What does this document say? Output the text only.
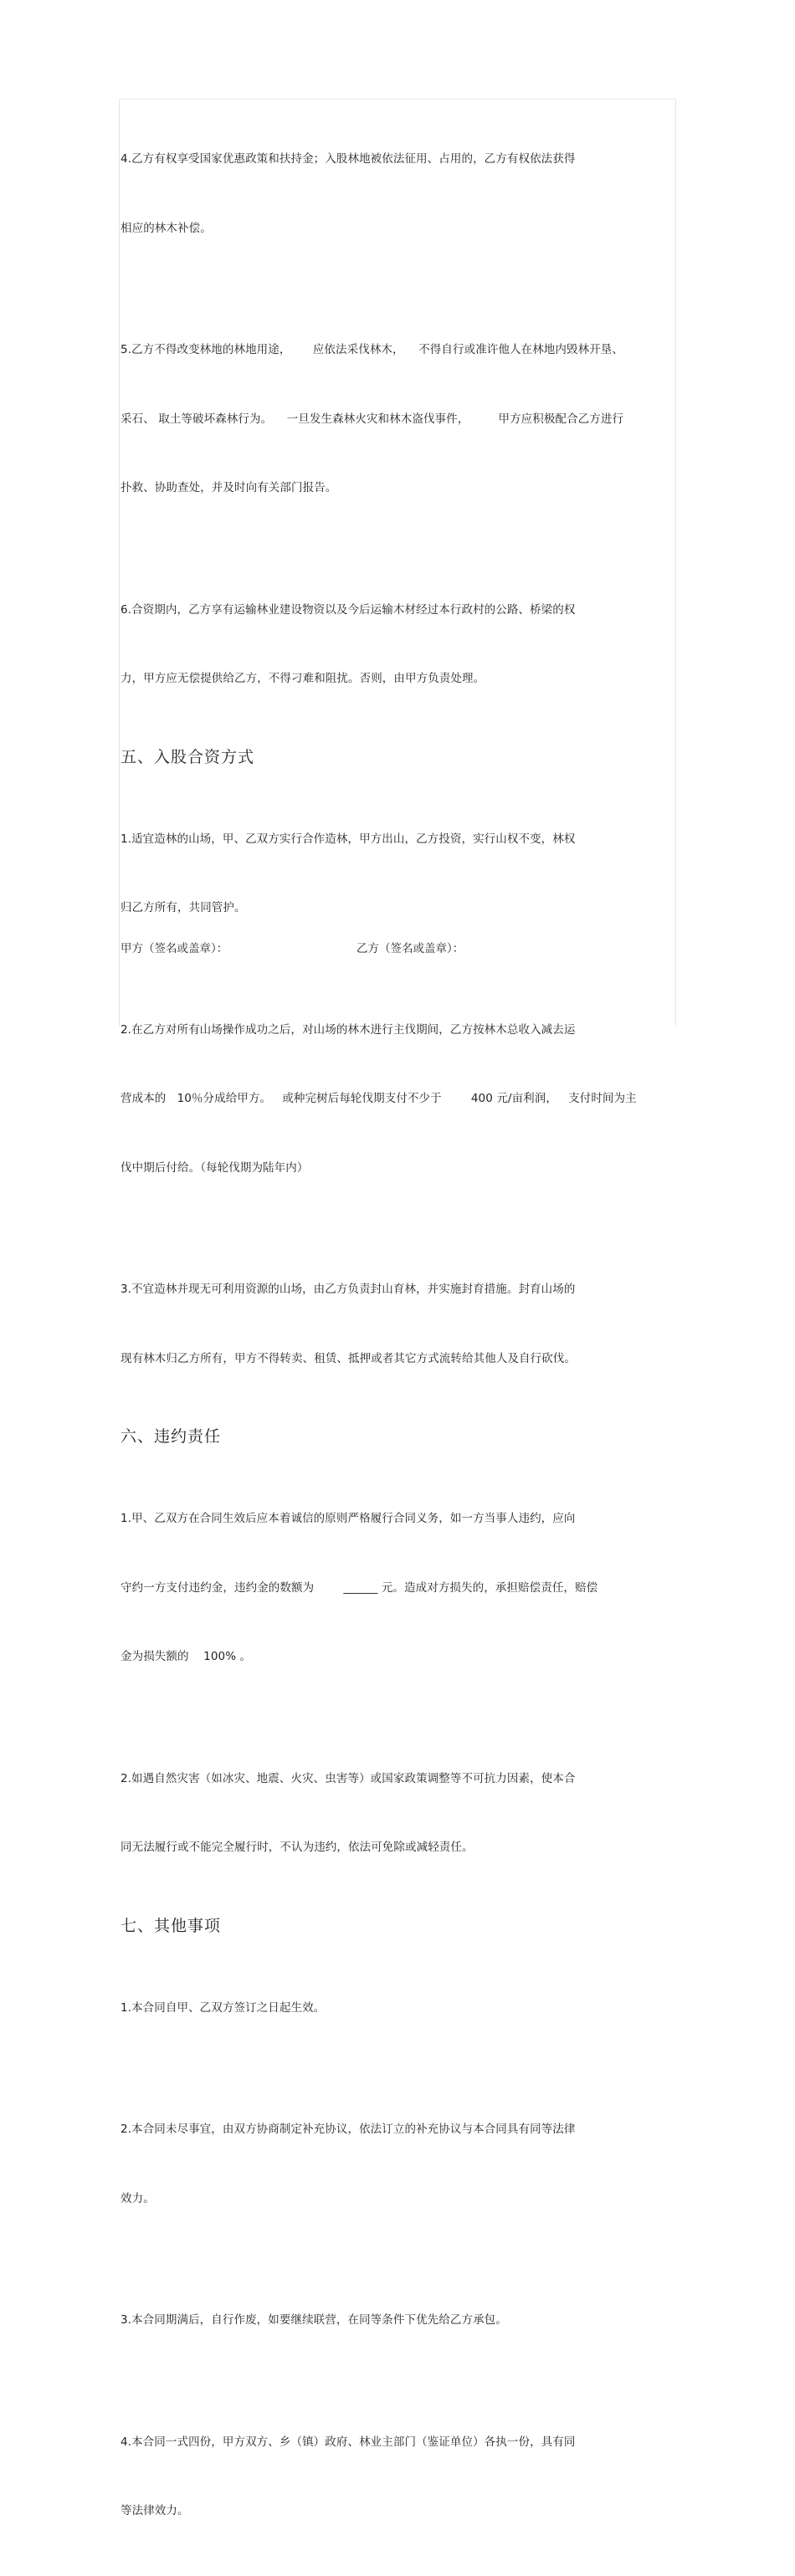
4.乙方有权享受国家优惠政策和扶持金；入股林地被依法征用、占用的，乙方有权依法获得

相应的林木补偿。

5.乙方不得改变林地的林地用途，      应依法采伐林木，    不得自行或准许他人在林地内毁林开垦、

采石、 取土等破坏森林行为。    一旦发生森林火灾和林木盗伐事件，        甲方应积极配合乙方进行

扑救、协助查处，并及时向有关部门报告。

6.合资期内，乙方享有运输林业建设物资以及今后运输木材经过本行政村的公路、桥梁的权

力，甲方应无偿提供给乙方，不得刁难和阻扰。否则，由甲方负责处理。

五、入股合资方式

1.适宜造林的山场，甲、乙双方实行合作造林，甲方出山，乙方投资，实行山权不变，林权

归乙方所有，共同管护。

2.在乙方对所有山场操作成功之后，对山场的林木进行主伐期间，乙方按林木总收入减去运

营成本的   10％分成给甲方。   或种完树后每轮伐期支付不少于        400 元/亩利润，   支付时间为主

伐中期后付给。（每轮伐期为陆年内）

3.不宜造林并现无可利用资源的山场，由乙方负责封山育林，并实施封育措施。封育山场的

现有林木归乙方所有，甲方不得转卖、租赁、抵押或者其它方式流转给其他人及自行砍伐。

六、违约责任

1.甲、乙双方在合同生效后应本着诚信的原则严格履行合同义务，如一方当事人违约，应向

守约一方支付违约金，违约金的数额为        ______ 元。造成对方损失的，承担赔偿责任，赔偿

金为损失额的    100% 。

2.如遇自然灾害（如冰灾、地震、火灾、虫害等）或国家政策调整等不可抗力因素，使本合

同无法履行或不能完全履行时，不认为违约，依法可免除或减轻责任。

七、其他事项

1.本合同自甲、乙双方签订之日起生效。

2.本合同未尽事宜，由双方协商制定补充协议，依法订立的补充协议与本合同具有同等法律

效力。

3.本合同期满后，自行作废，如要继续联营，在同等条件下优先给乙方承包。

4.本合同一式四份，甲方双方、乡（镇）政府、林业主部门（鉴证单位）各执一份，具有同

等法律效力。

甲方（签名或盖章）：	乙方（签名或盖章）：
